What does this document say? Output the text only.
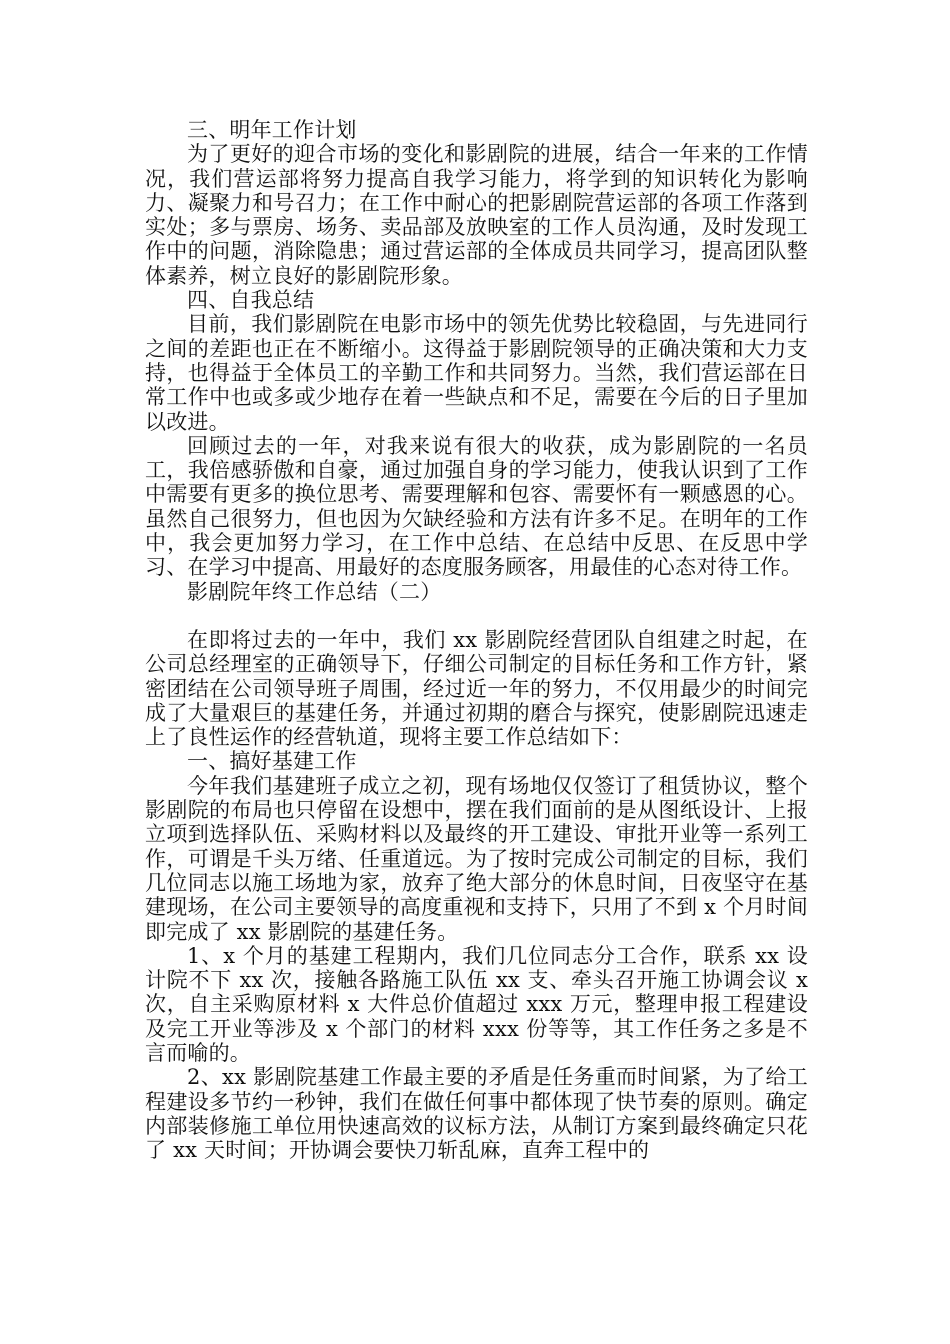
三、明年工作计划

为了更好的迎合市场的变化和影剧院的进展，结合一年来的工作情况，我们营运部将努力提高自我学习能力，将学到的知识转化为影响力、凝聚力和号召力；在工作中耐心的把影剧院营运部的各项工作落到实处；多与票房、场务、卖品部及放映室的工作人员沟通，及时发现工作中的问题，消除隐患；通过营运部的全体成员共同学习，提高团队整体素养，树立良好的影剧院形象。

四、自我总结

目前，我们影剧院在电影市场中的领先优势比较稳固，与先进同行之间的差距也正在不断缩小。这得益于影剧院领导的正确决策和大力支持，也得益于全体员工的辛勤工作和共同努力。当然，我们营运部在日常工作中也或多或少地存在着一些缺点和不足，需要在今后的日子里加以改进。

回顾过去的一年，对我来说有很大的收获，成为影剧院的一名员工，我倍感骄傲和自豪，通过加强自身的学习能力，使我认识到了工作中需要有更多的换位思考、需要理解和包容、需要怀有一颗感恩的心。虽然自己很努力，但也因为欠缺经验和方法有许多不足。在明年的工作中，我会更加努力学习，在工作中总结、在总结中反思、在反思中学习、在学习中提高、用最好的态度服务顾客，用最佳的心态对待工作。

影剧院年终工作总结（二）

在即将过去的一年中，我们 xx 影剧院经营团队自组建之时起，在公司总经理室的正确领导下，仔细公司制定的目标任务和工作方针，紧密团结在公司领导班子周围，经过近一年的努力，不仅用最少的时间完成了大量艰巨的基建任务，并通过初期的磨合与探究，使影剧院迅速走上了良性运作的经营轨道，现将主要工作总结如下：

一、搞好基建工作

今年我们基建班子成立之初，现有场地仅仅签订了租赁协议，整个影剧院的布局也只停留在设想中，摆在我们面前的是从图纸设计、上报立项到选择队伍、采购材料以及最终的开工建设、审批开业等一系列工作，可谓是千头万绪、任重道远。为了按时完成公司制定的目标，我们几位同志以施工场地为家，放弃了绝大部分的休息时间，日夜坚守在基建现场，在公司主要领导的高度重视和支持下，只用了不到 x 个月时间即完成了 xx 影剧院的基建任务。

1、x 个月的基建工程期内，我们几位同志分工合作，联系 xx 设计院不下 xx 次，接触各路施工队伍 xx 支、牵头召开施工协调会议 x 次，自主采购原材料 x 大件总价值超过 xxx 万元，整理申报工程建设及完工开业等涉及 x 个部门的材料 xxx 份等等，其工作任务之多是不言而喻的。

2、xx 影剧院基建工作最主要的矛盾是任务重而时间紧，为了给工程建设多节约一秒钟，我们在做任何事中都体现了快节奏的原则。确定内部装修施工单位用快速高效的议标方法，从制订方案到最终确定只花了 xx 天时间；开协调会要快刀斩乱麻，直奔工程中的
